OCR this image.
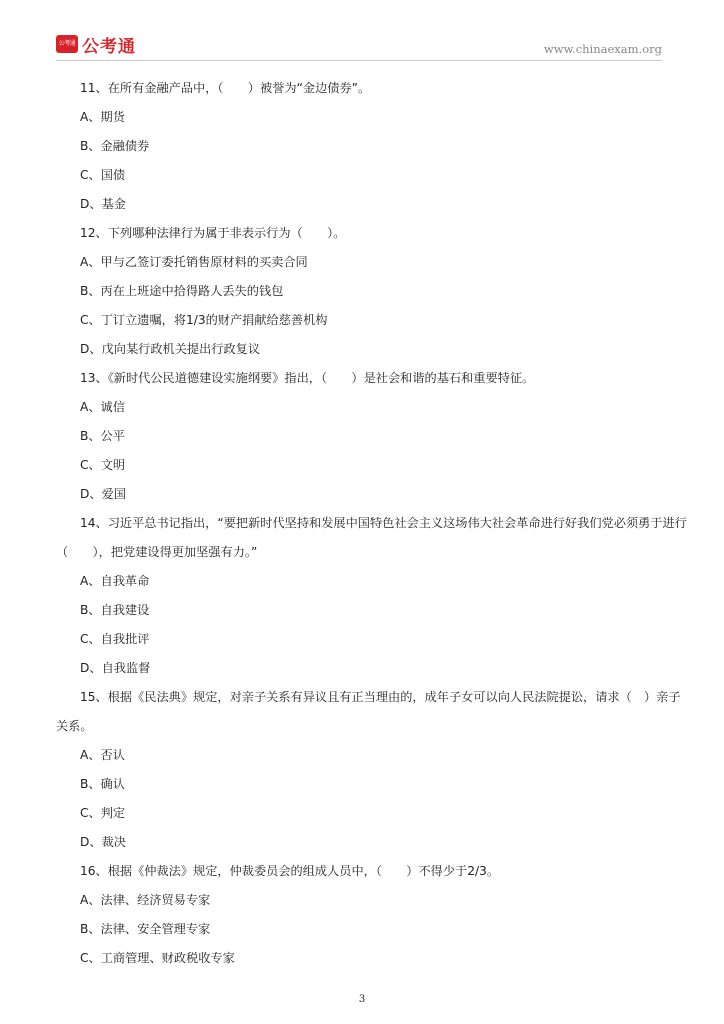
公考通 公考通	www.chinaexam.org
11、在所有金融产品中，（　　）被誉为“金边债券”。
A、期货
B、金融债券
C、国债
D、基金
12、下列哪种法律行为属于非表示行为（　　）。
A、甲与乙签订委托销售原材料的买卖合同
B、丙在上班途中拾得路人丢失的钱包
C、丁订立遗嘱，将1/3的财产捐献给慈善机构
D、戊向某行政机关提出行政复议
13、《新时代公民道德建设实施纲要》指出，（　　）是社会和谐的基石和重要特征。
A、诚信
B、公平
C、文明
D、爱国
14、习近平总书记指出，“要把新时代坚持和发展中国特色社会主义这场伟大社会革命进行好我们党必须勇于进行（　　），把党建设得更加坚强有力。”
A、自我革命
B、自我建设
C、自我批评
D、自我监督
15、根据《民法典》规定，对亲子关系有异议且有正当理由的，成年子女可以向人民法院提讼，请求（　）亲子关系。
A、否认
B、确认
C、判定
D、裁决
16、根据《仲裁法》规定，仲裁委员会的组成人员中，（　　）不得少于2/3。
A、法律、经济贸易专家
B、法律、安全管理专家
C、工商管理、财政税收专家
3
